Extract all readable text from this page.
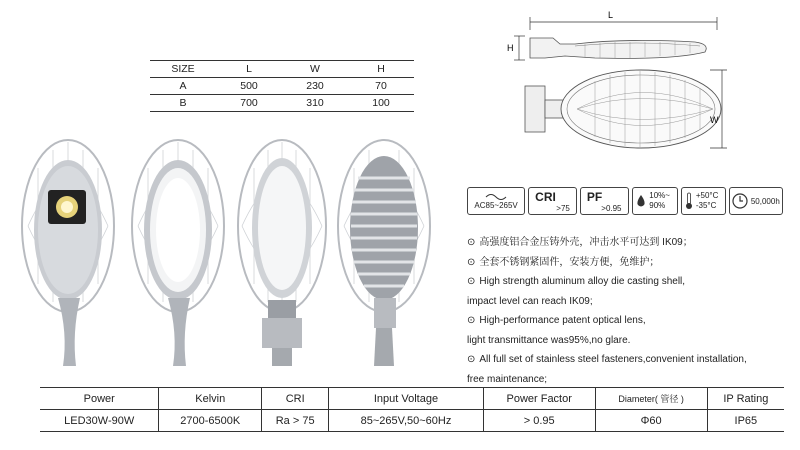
SIZE	L	W	H
A	500	230	70
B	700	310	100
L
H
W
AC85~265V
CRI
>75
PF
>0.95
10%~ 90%
+50°C -35°C	50,000h
⊙ 高强度铝合金压铸外壳，冲击水平可达到 IK09；
⊙ 全套不锈钢紧固件，安装方便，免维护；
⊙ High strength aluminum alloy die casting shell,
impact level can reach IK09;
⊙ High-performance patent optical lens,
light transmittance was95%,no glare.
⊙ All full set of stainless steel fasteners,convenient installation,
free maintenance;
Power	Kelvin	CRI	Input Voltage	Power Factor	Diameter( 管径 )	IP Rating
LED30W-90W	2700-6500K	Ra > 75	85~265V,50~60Hz	> 0.95	Φ60	IP65
